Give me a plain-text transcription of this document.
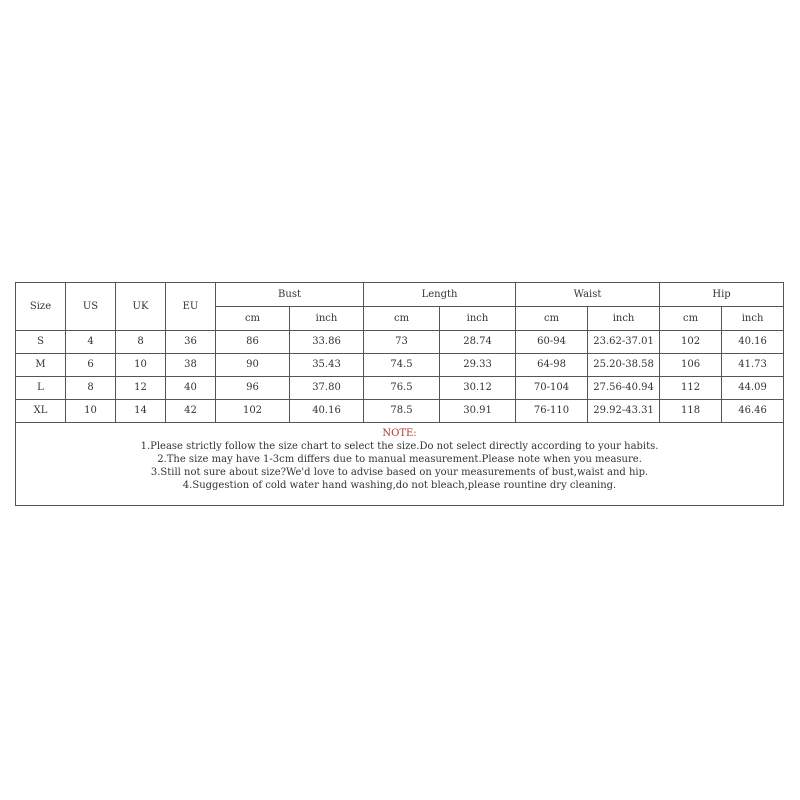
Size	US	UK	EU	Bust		Length		Waist		Hip	
				cm	inch	cm	inch	cm	inch	cm	inch
S	4	8	36	86	33.86	73	28.74	60-94	23.62-37.01	102	40.16
M	6	10	38	90	35.43	74.5	29.33	64-98	25.20-38.58	106	41.73
L	8	12	40	96	37.80	76.5	30.12	70-104	27.56-40.94	112	44.09
XL	10	14	42	102	40.16	78.5	30.91	76-110	29.92-43.31	118	46.46

NOTE:
1.Please strictly follow the size chart to select the size.Do not select directly according to your habits.
2.The size may have 1-3cm differs due to manual measurement.Please note when you measure.
3.Still not sure about size?We'd love to advise based on your measurements of bust,waist and hip.
4.Suggestion of cold water hand washing,do not bleach,please rountine dry cleaning.											
